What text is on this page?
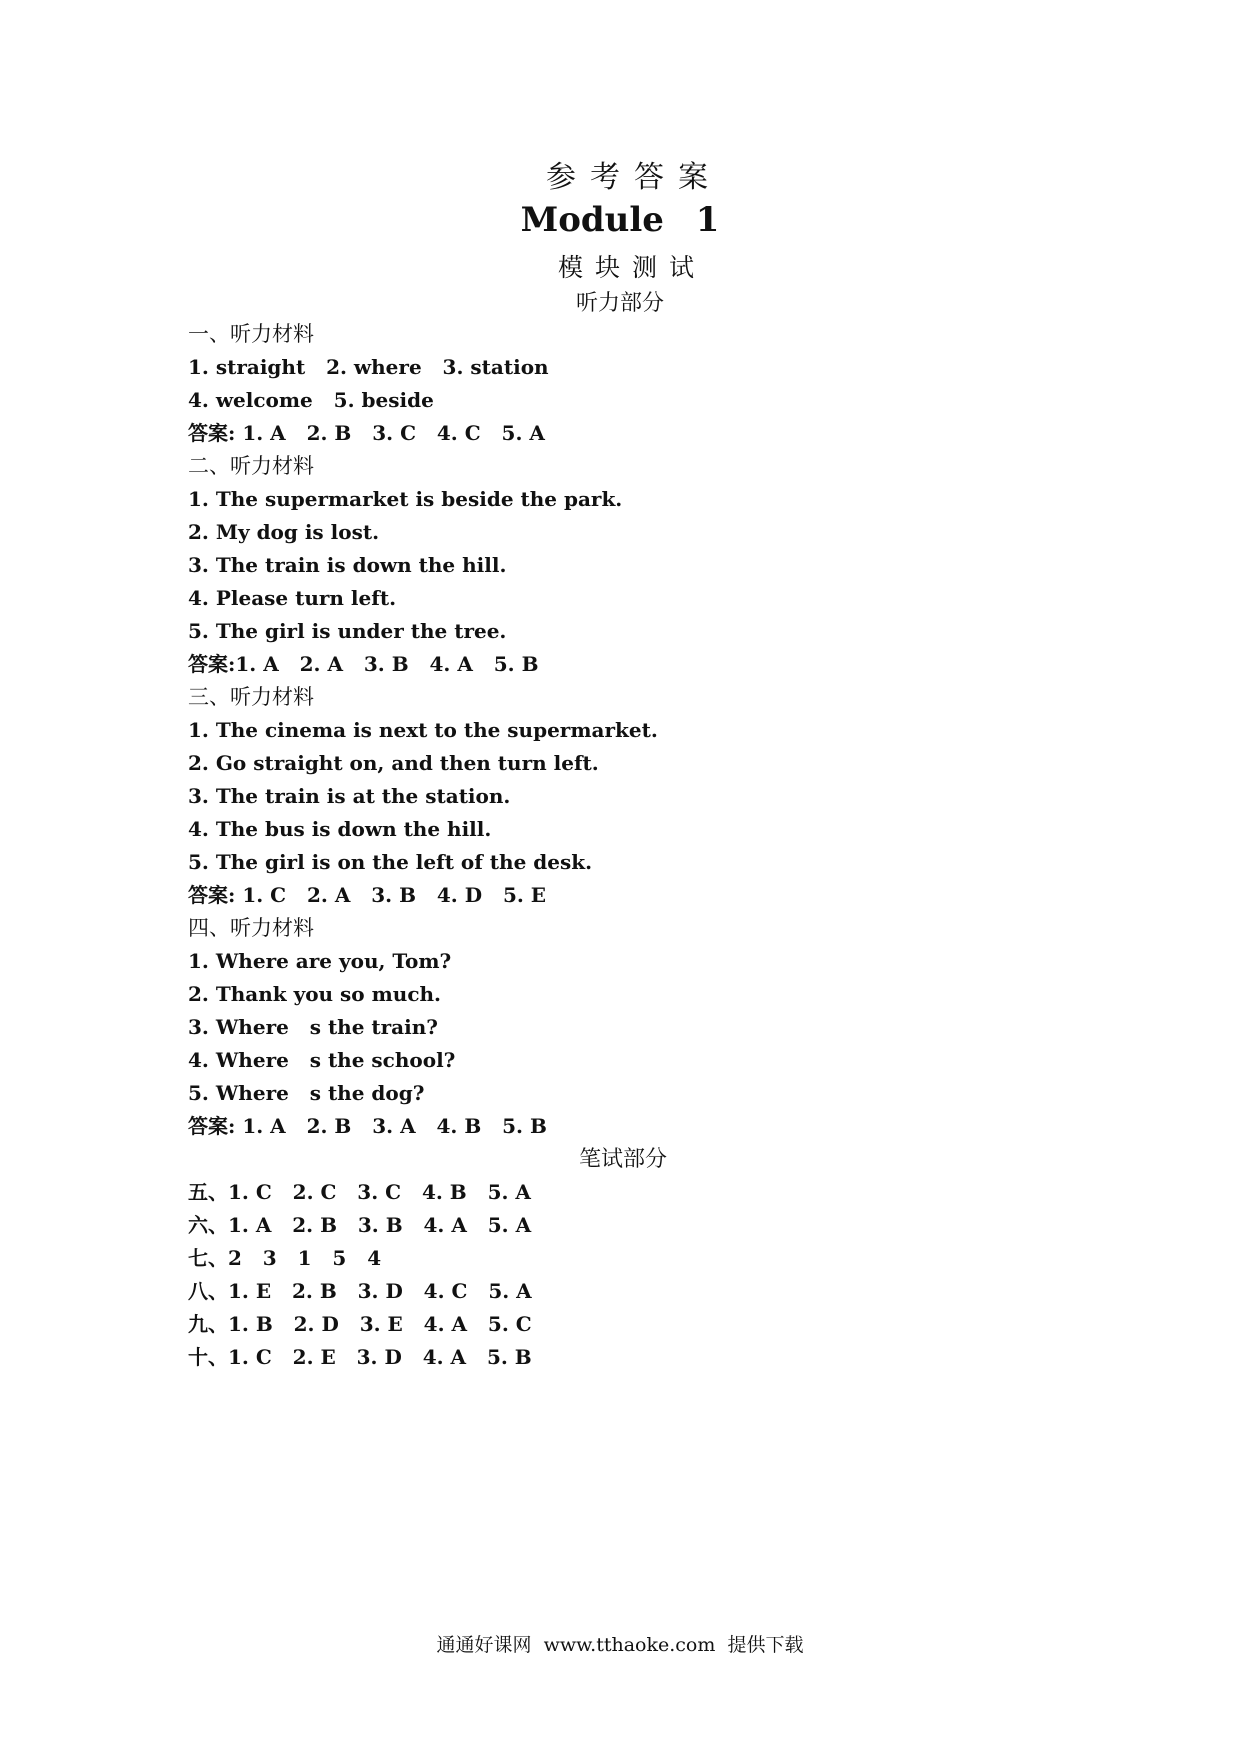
参考答案
Module 1
模块测试
听力部分
一、听力材料
1. straight   2. where   3. station
4. welcome   5. beside
答案: 1. A   2. B   3. C   4. C   5. A
二、听力材料
1. The supermarket is beside the park.
2. My dog is lost.
3. The train is down the hill.
4. Please turn left.
5. The girl is under the tree.
答案:1. A   2. A   3. B   4. A   5. B
三、听力材料
1. The cinema is next to the supermarket.
2. Go straight on, and then turn left.
3. The train is at the station.
4. The bus is down the hill.
5. The girl is on the left of the desk.
答案: 1. C   2. A   3. B   4. D   5. E
四、听力材料
1. Where are you, Tom?
2. Thank you so much.
3. Where   s the train?
4. Where   s the school?
5. Where   s the dog?
答案: 1. A   2. B   3. A   4. B   5. B
笔试部分
五、1. C   2. C   3. C   4. B   5. A
六、1. A   2. B   3. B   4. A   5. A
七、2   3   1   5   4
八、1. E   2. B   3. D   4. C   5. A
九、1. B   2. D   3. E   4. A   5. C
十、1. C   2. E   3. D   4. A   5. B
通通好课网 www.tthaoke.com 提供下载
